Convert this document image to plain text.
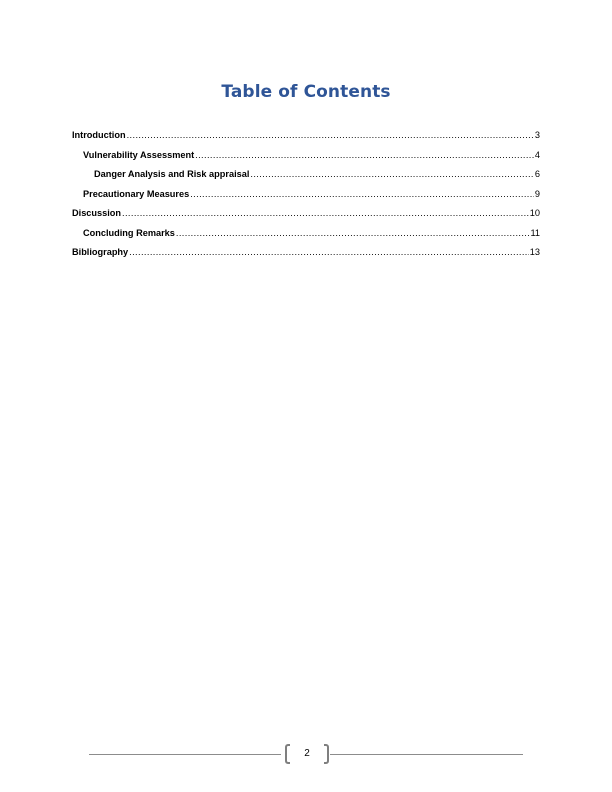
Table of Contents
Introduction .....	3
Vulnerability Assessment .....	4
Danger Analysis and Risk appraisal .....	6
Precautionary Measures .....	9
Discussion .....	10
Concluding Remarks .....	11
Bibliography .....	13
2
